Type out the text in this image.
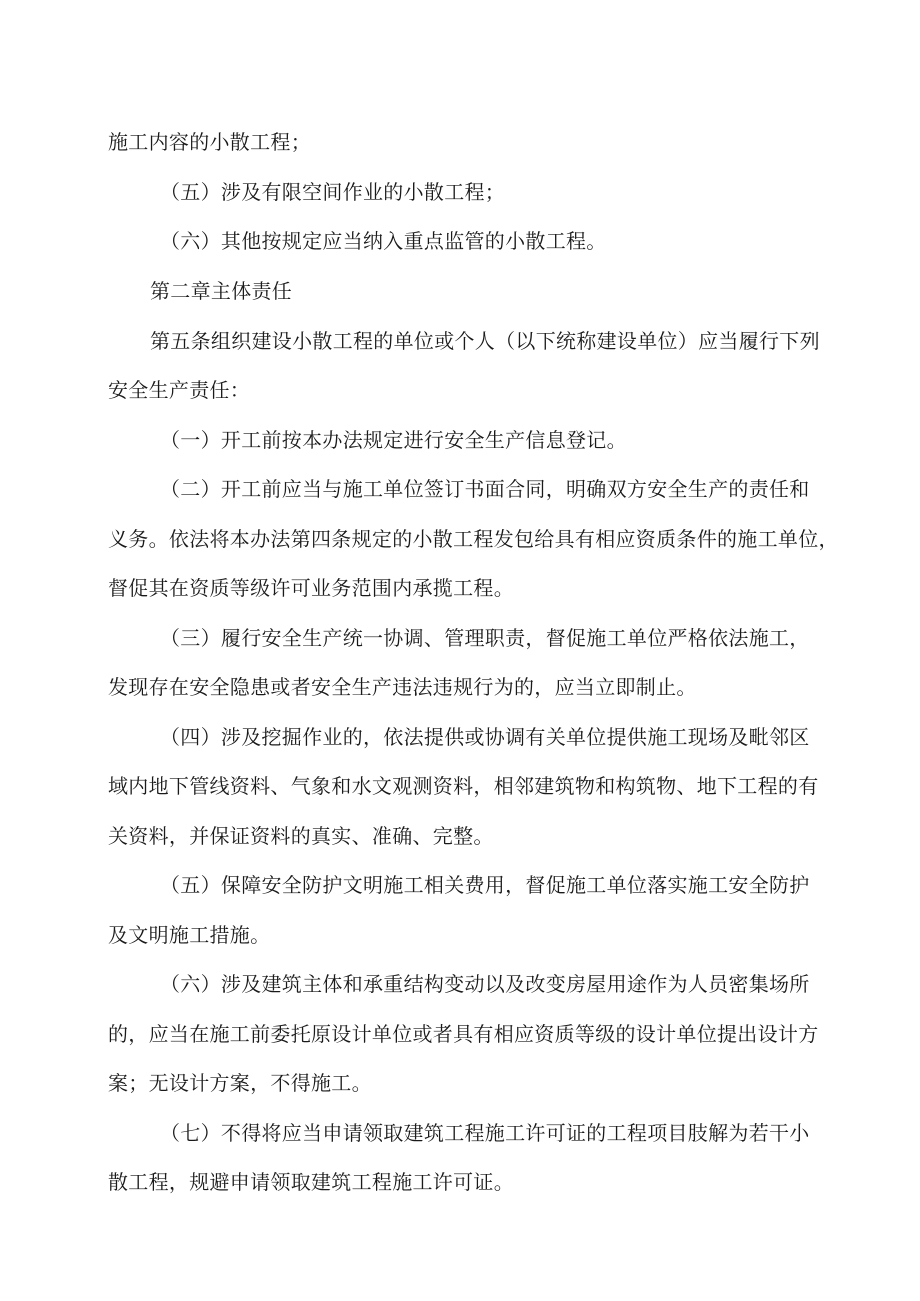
施工内容的小散工程；
（五）涉及有限空间作业的小散工程；
（六）其他按规定应当纳入重点监管的小散工程。
第二章主体责任
第五条组织建设小散工程的单位或个人（以下统称建设单位）应当履行下列
安全生产责任：
（一）开工前按本办法规定进行安全生产信息登记。
（二）开工前应当与施工单位签订书面合同，明确双方安全生产的责任和
义务。依法将本办法第四条规定的小散工程发包给具有相应资质条件的施工单位，
督促其在资质等级许可业务范围内承揽工程。
（三）履行安全生产统一协调、管理职责，督促施工单位严格依法施工，
发现存在安全隐患或者安全生产违法违规行为的，应当立即制止。
（四）涉及挖掘作业的，依法提供或协调有关单位提供施工现场及毗邻区
域内地下管线资料、气象和水文观测资料，相邻建筑物和构筑物、地下工程的有
关资料，并保证资料的真实、准确、完整。
（五）保障安全防护文明施工相关费用，督促施工单位落实施工安全防护
及文明施工措施。
（六）涉及建筑主体和承重结构变动以及改变房屋用途作为人员密集场所
的，应当在施工前委托原设计单位或者具有相应资质等级的设计单位提出设计方
案；无设计方案，不得施工。
（七）不得将应当申请领取建筑工程施工许可证的工程项目肢解为若干小
散工程，规避申请领取建筑工程施工许可证。
